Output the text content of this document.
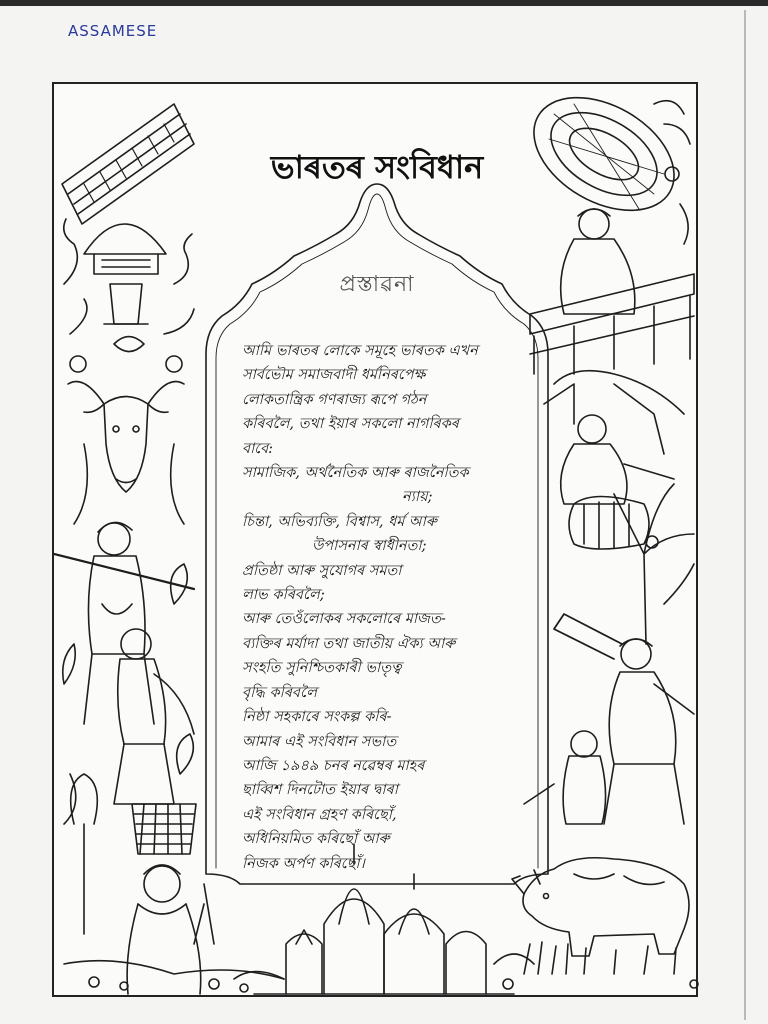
ASSAMESE
ভাৰতৰ সংবিধান
প্ৰস্তাৱনা
আমি ভাৰতৰ লোকে সমূহে ভাৰতক এখন
সাৰ্বভৌম সমাজবাদী ধৰ্মনিৰপেক্ষ
লোকতান্ত্ৰিক গণৰাজ্য ৰূপে গঠন
কৰিবলৈ, তথা ইয়াৰ সকলো নাগৰিকৰ
বাবে:
সামাজিক, অৰ্থনৈতিক আৰু ৰাজনৈতিক
ন্যায়;
চিন্তা, অভিব্যক্তি, বিশ্বাস, ধৰ্ম আৰু
উপাসনাৰ স্বাধীনতা;
প্ৰতিষ্ঠা আৰু সুযোগৰ সমতা
লাভ কৰিবলৈ;
আৰু তেওঁলোকৰ সকলোৰে মাজত-
ব্যক্তিৰ মৰ্যাদা তথা জাতীয় ঐক্য আৰু
সংহতি সুনিশ্চিতকাৰী ভাতৃত্ব
বৃদ্ধি কৰিবলৈ
নিষ্ঠা সহকাৰে সংকল্প কৰি-
আমাৰ এই সংবিধান সভাত
আজি ১৯৪৯ চনৰ নৱেম্বৰ মাহৰ
ছাব্বিশ দিনটোত ইয়াৰ দ্বাৰা
এই সংবিধান গ্ৰহণ কৰিছোঁ,
অধিনিয়মিত কৰিছোঁ আৰু
নিজক অৰ্পণ কৰিছোঁ।
